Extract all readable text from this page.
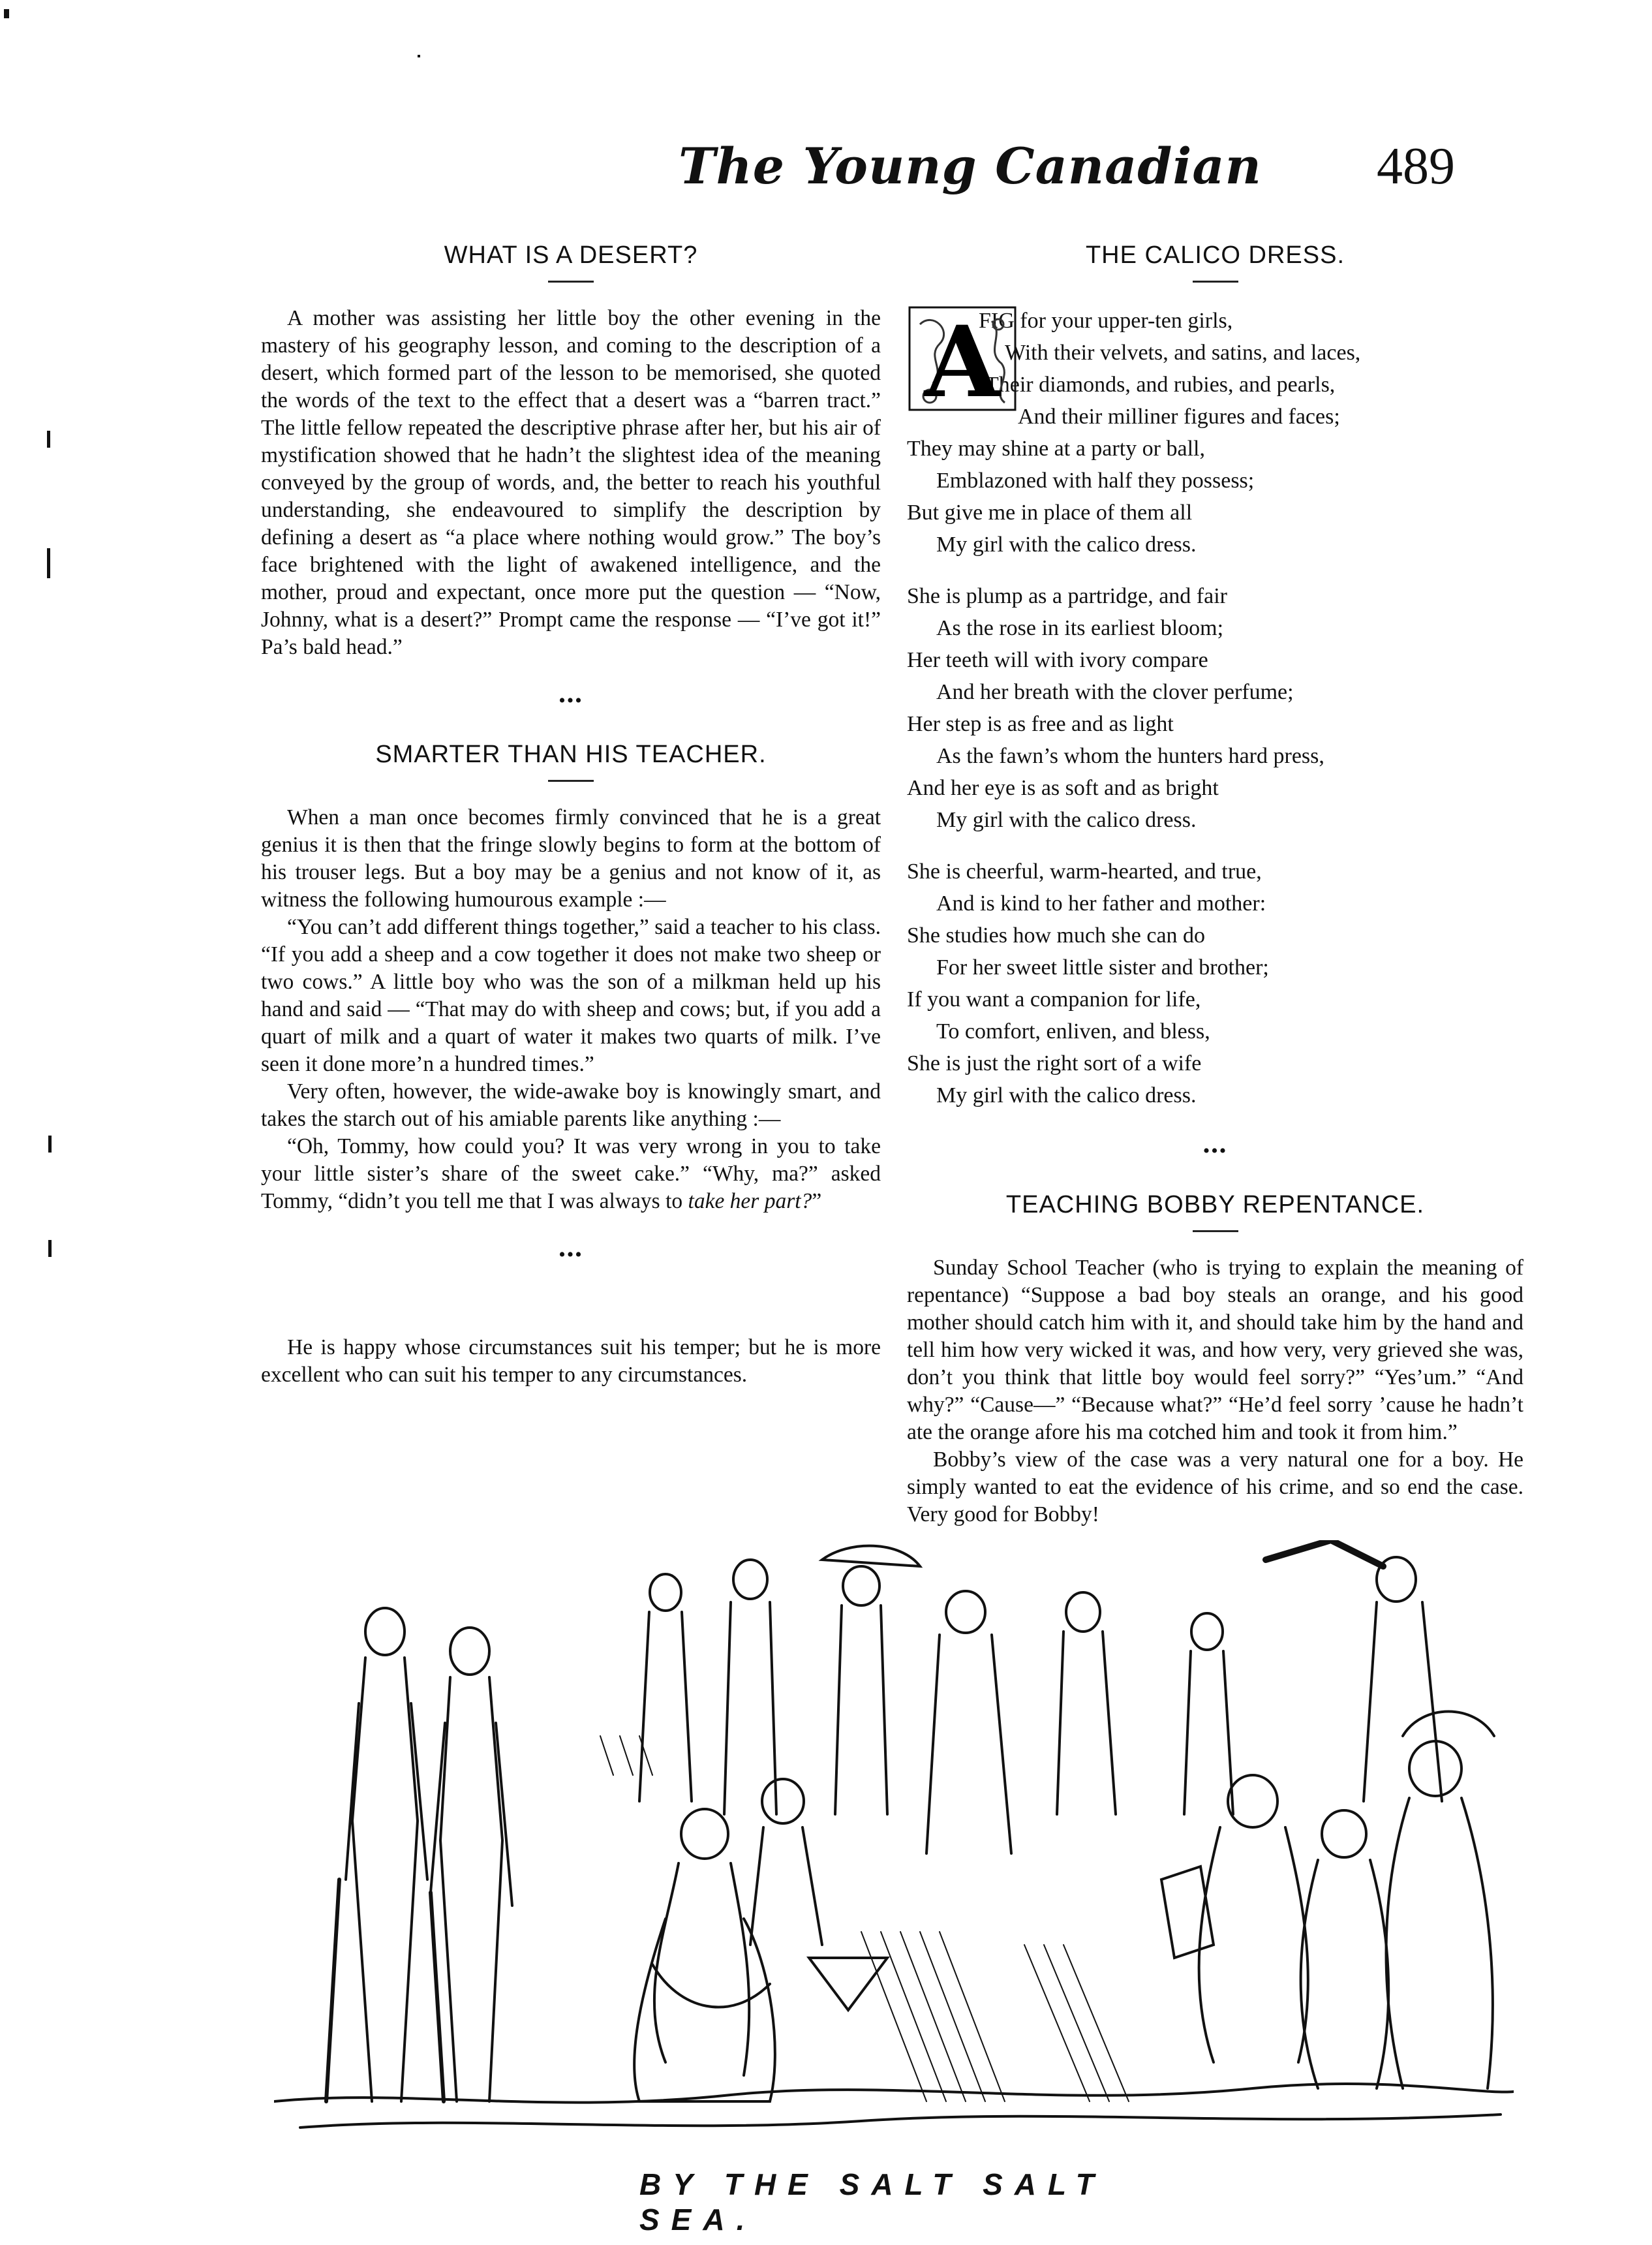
The Young Canadian 489
WHAT IS A DESERT?

A mother was assisting her little boy the other evening in the mastery of his geography lesson, and coming to the description of a desert, which formed part of the lesson to be memorised, she quoted the words of the text to the effect that a desert was a “barren tract.” The little fellow repeated the descriptive phrase after her, but his air of mystification showed that he hadn’t the slightest idea of the meaning conveyed by the group of words, and, the better to reach his youthful understanding, she endeavoured to simplify the description by defining a desert as “a place where nothing would grow.” The boy’s face brightened with the light of awakened intelligence, and the mother, proud and expectant, once more put the question — “Now, Johnny, what is a desert?” Prompt came the response — “I’ve got it!” Pa’s bald head.”

•••
SMARTER THAN HIS TEACHER.

When a man once becomes firmly convinced that he is a great genius it is then that the fringe slowly begins to form at the bottom of his trouser legs. But a boy may be a genius and not know of it, as witness the following humourous example :—

“You can’t add different things together,” said a teacher to his class. “If you add a sheep and a cow together it does not make two sheep or two cows.” A little boy who was the son of a milkman held up his hand and said — “That may do with sheep and cows; but, if you add a quart of milk and a quart of water it makes two quarts of milk. I’ve seen it done more’n a hundred times.”

Very often, however, the wide-awake boy is knowingly smart, and takes the starch out of his amiable parents like anything :—

“Oh, Tommy, how could you? It was very wrong in you to take your little sister’s share of the sweet cake.” “Why, ma?” asked Tommy, “didn’t you tell me that I was always to take her part?”

•••

He is happy whose circumstances suit his temper; but he is more excellent who can suit his temper to any circumstances.

THE CALICO DRESS.
A
FIG for your upper-ten girls,
With their velvets, and satins, and laces,
Their diamonds, and rubies, and pearls,
And their milliner figures and faces;
They may shine at a party or ball,
Emblazoned with half they possess;
But give me in place of them all
My girl with the calico dress.
She is plump as a partridge, and fair
As the rose in its earliest bloom;
Her teeth will with ivory compare
And her breath with the clover perfume;
Her step is as free and as light
As the fawn’s whom the hunters hard press,
And her eye is as soft and as bright
My girl with the calico dress.
She is cheerful, warm-hearted, and true,
And is kind to her father and mother:
She studies how much she can do
For her sweet little sister and brother;
If you want a companion for life,
To comfort, enliven, and bless,
She is just the right sort of a wife
My girl with the calico dress.
•••
TEACHING BOBBY REPENTANCE.

Sunday School Teacher (who is trying to explain the meaning of repentance) “Suppose a bad boy steals an orange, and his good mother should catch him with it, and should take him by the hand and tell him how very wicked it was, and how very, very grieved she was, don’t you think that little boy would feel sorry?” “Yes’um.” “And why?” “Cause—” “Because what?” “He’d feel sorry ’cause he hadn’t ate the orange afore his ma cotched him and took it from him.”

Bobby’s view of the case was a very natural one for a boy. He simply wanted to eat the evidence of his crime, and so end the case. Very good for Bobby!

BY THE SALT SALT SEA.
